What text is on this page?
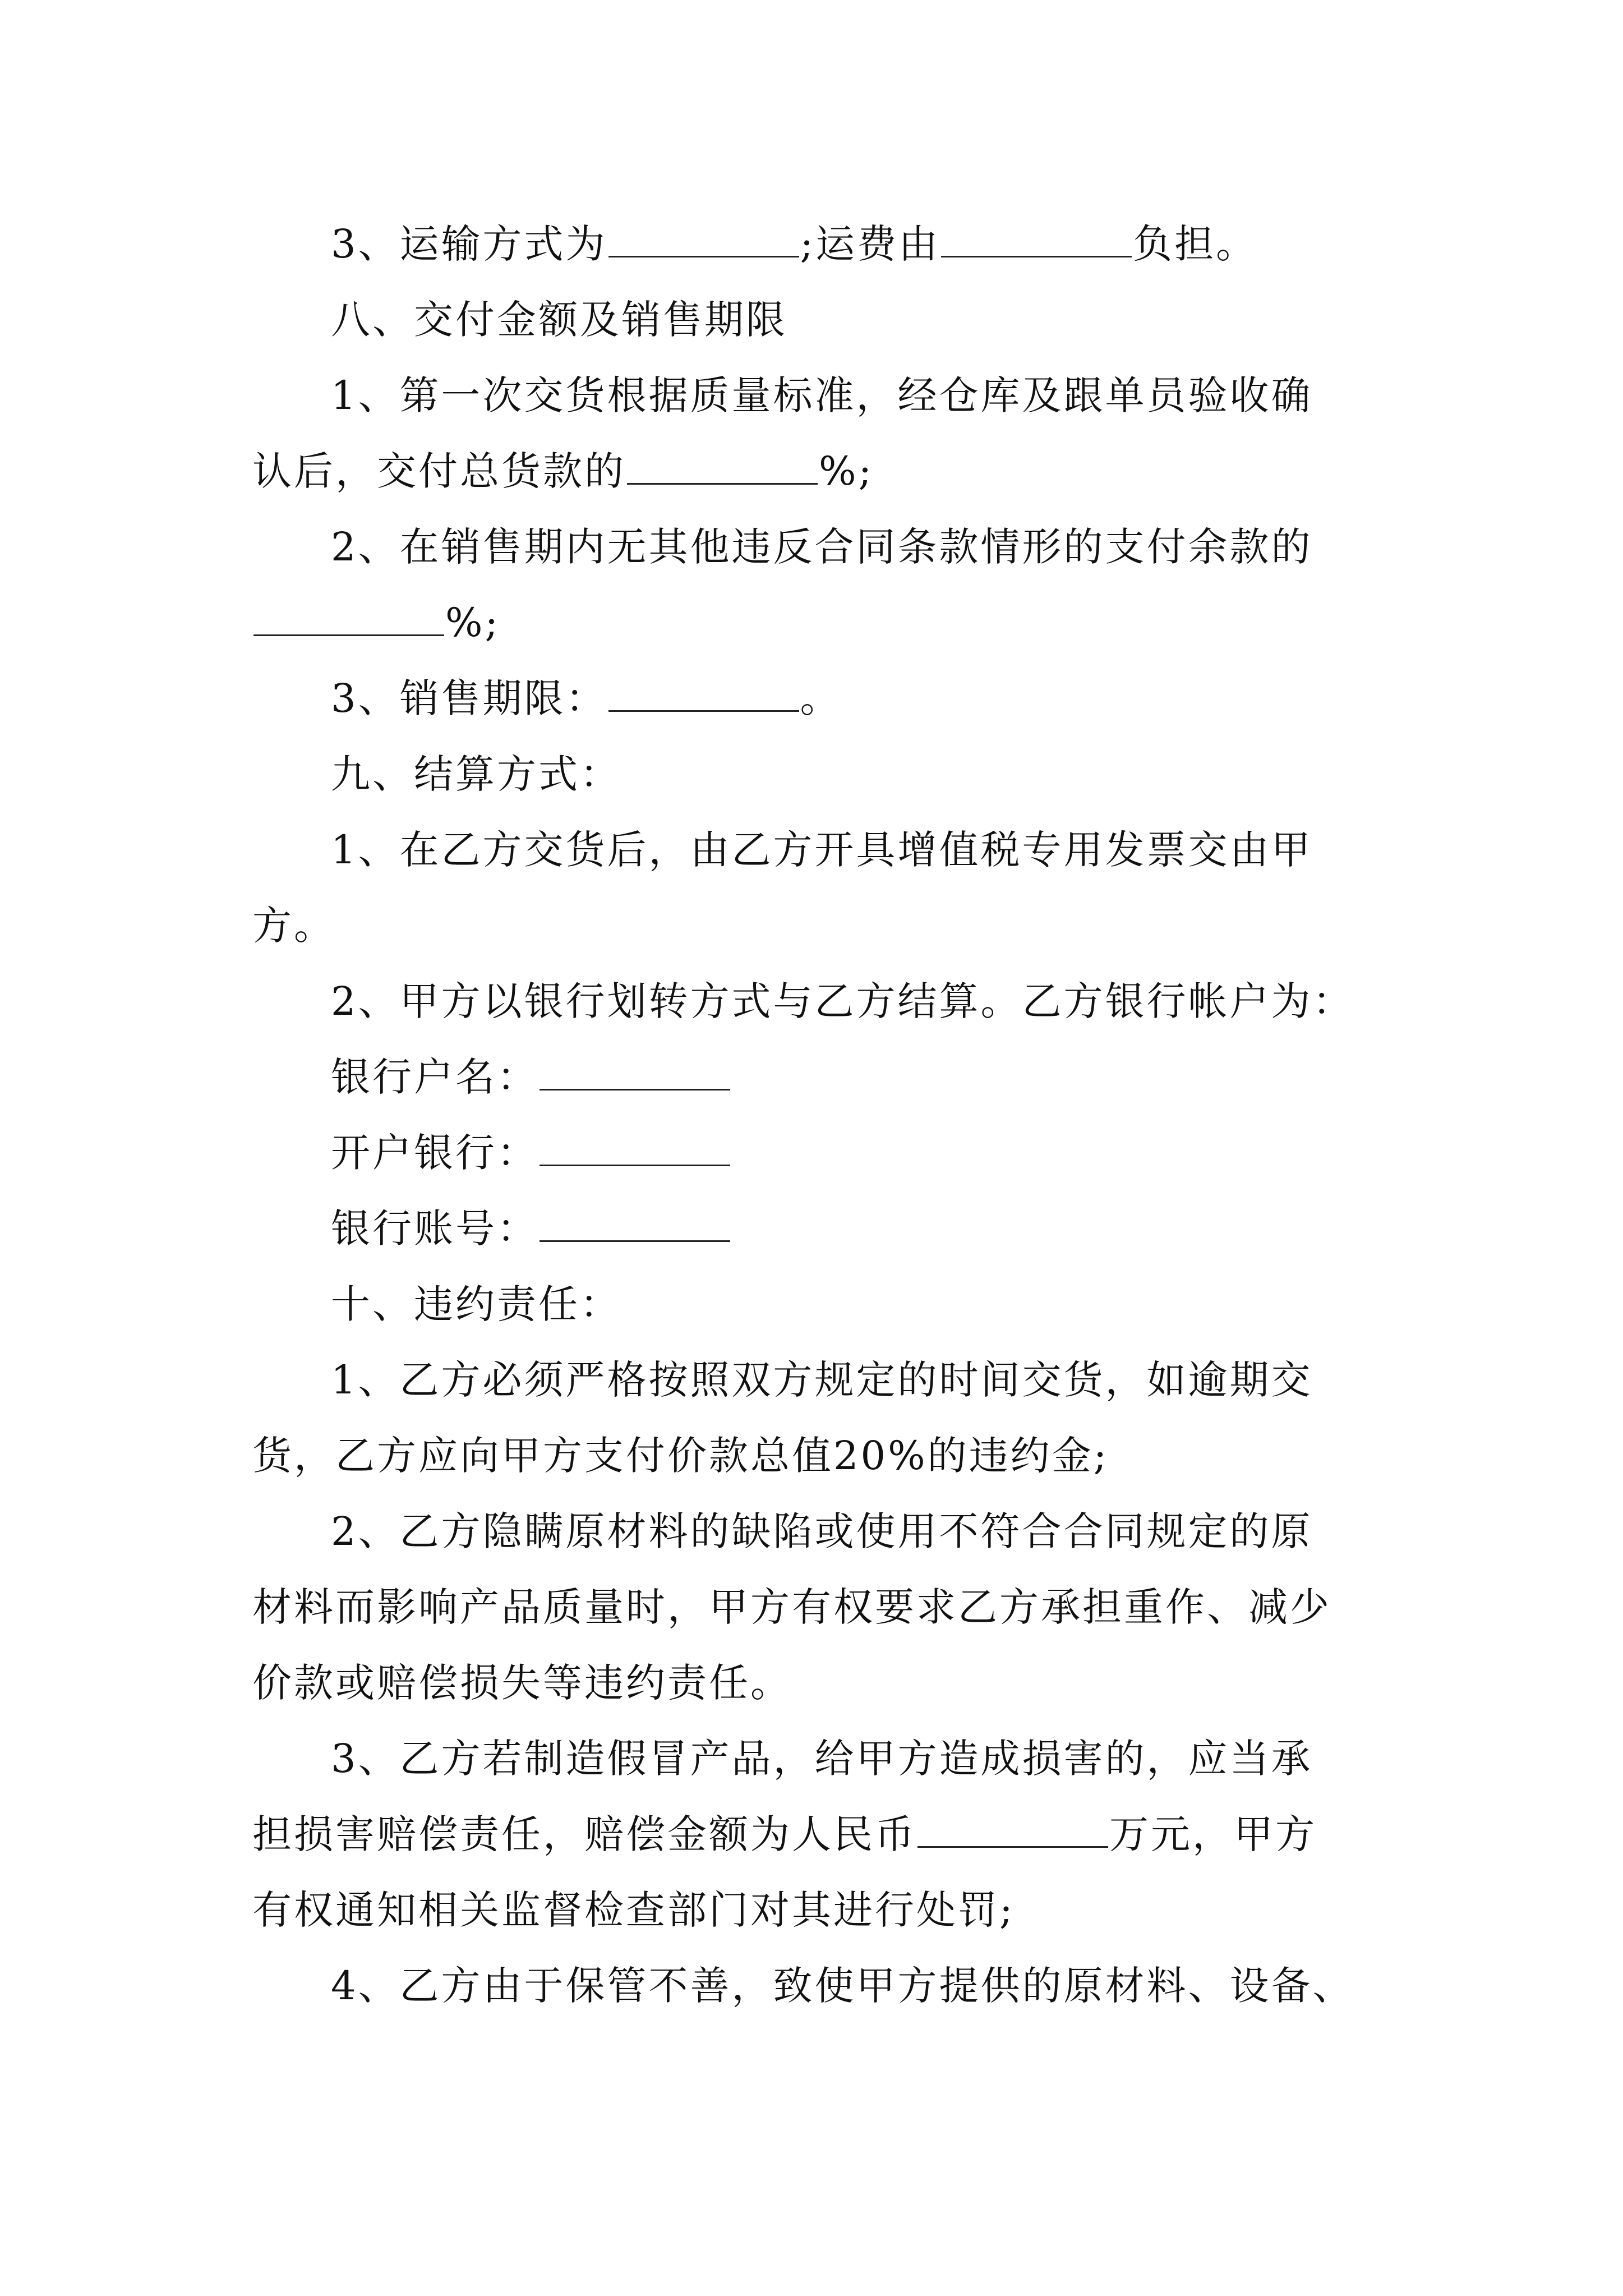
3、运输方式为	;运费由	负担。
八、交付金额及销售期限
1、第一次交货根据质量标准，经仓库及跟单员验收确
认后，交付总货款的	%;
2、在销售期内无其他违反合同条款情形的支付余款的
%;
3、销售期限：	。
九、结算方式：
1、在乙方交货后，由乙方开具增值税专用发票交由甲
方。
2、甲方以银行划转方式与乙方结算。乙方银行帐户为：
银行户名：
开户银行：
银行账号：
十、违约责任：
1、乙方必须严格按照双方规定的时间交货，如逾期交
货，乙方应向甲方支付价款总值20%的违约金;
2、乙方隐瞒原材料的缺陷或使用不符合合同规定的原
材料而影响产品质量时，甲方有权要求乙方承担重作、减少
价款或赔偿损失等违约责任。
3、乙方若制造假冒产品，给甲方造成损害的，应当承
担损害赔偿责任，赔偿金额为人民币	万元，甲方
有权通知相关监督检查部门对其进行处罚;
4、乙方由于保管不善，致使甲方提供的原材料、设备、
